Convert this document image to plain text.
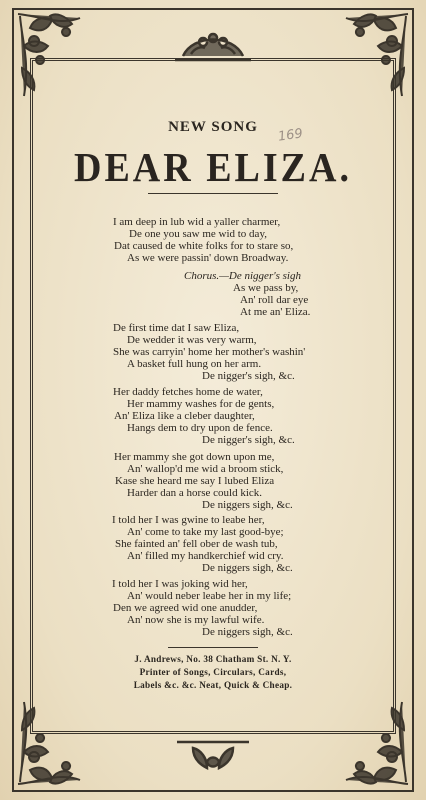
169
NEW SONG
DEAR ELIZA.
I am deep in lub wid a yaller charmer,
De one you saw me wid to day,
Dat caused de white folks for to stare so,
As we were passin' down Broadway.
Chorus.—De nigger's sigh
As we pass by,
An' roll dar eye
At me an' Eliza.
De first time dat I saw Eliza,
De wedder it was very warm,
She was carryin' home her mother's washin'
A basket full hung on her arm.
De nigger's sigh, &c.
Her daddy fetches home de water,
Her mammy washes for de gents,
An' Eliza like a cleber daughter,
Hangs dem to dry upon de fence.
De nigger's sigh, &c.
Her mammy she got down upon me,
An' wallop'd me wid a broom stick,
Kase she heard me say I lubed Eliza
Harder dan a horse could kick.
De niggers sigh, &c.
I told her I was gwine to leabe her,
An' come to take my last good-bye;
She fainted an' fell ober de wash tub,
An' filled my handkerchief wid cry.
De niggers sigh, &c.
I told her I was joking wid her,
An' would neber leabe her in my life;
Den we agreed wid one anudder,
An' now she is my lawful wife.
De niggers sigh, &c.
J. Andrews, No. 38 Chatham St. N. Y.
Printer of Songs, Circulars, Cards,
Labels &c. &c. Neat, Quick & Cheap.
